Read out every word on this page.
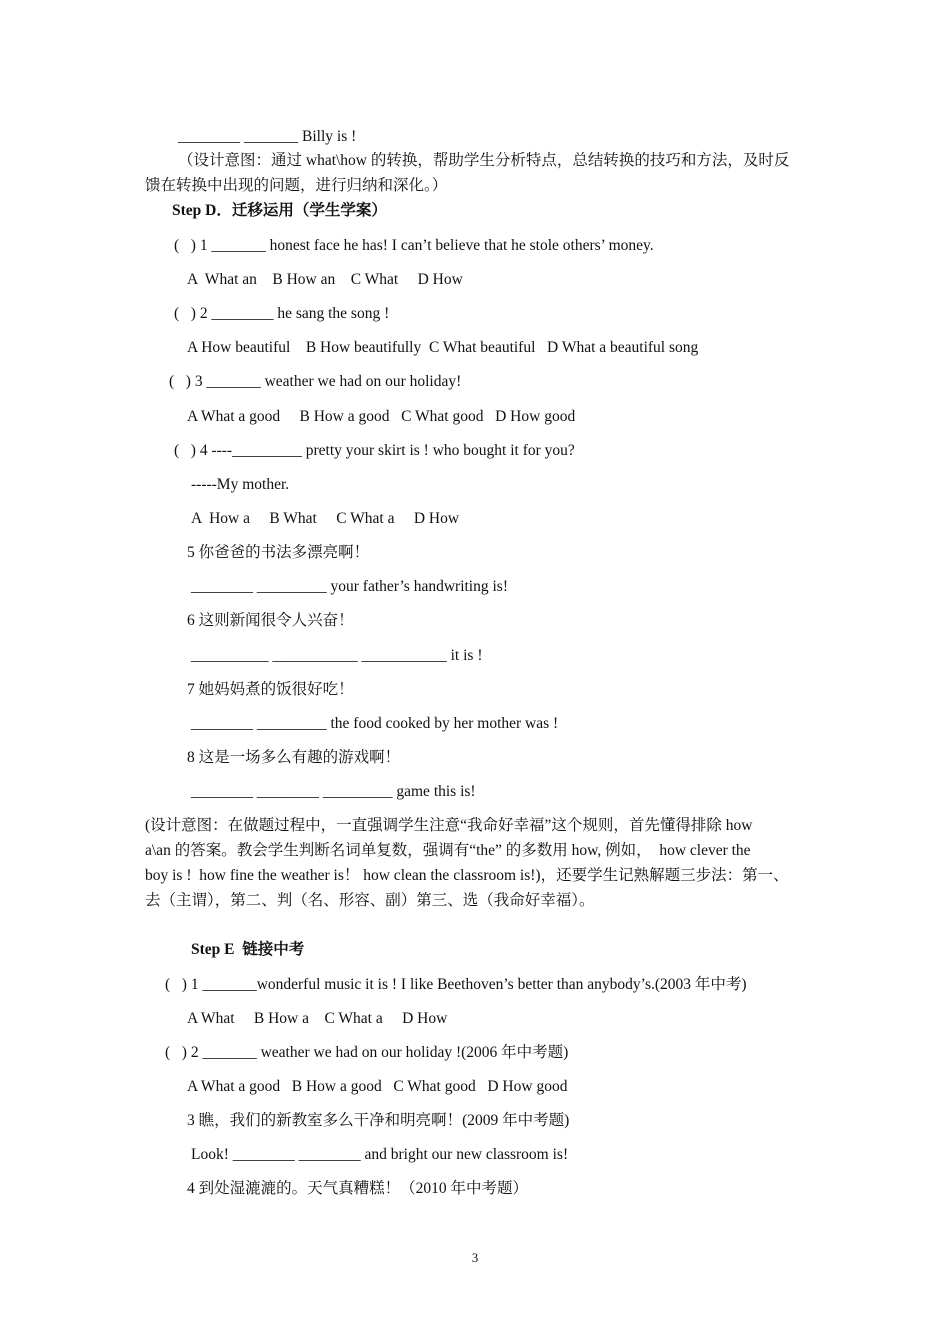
________ _______ Billy is !
（设计意图：通过 what\how 的转换，帮助学生分析特点，总结转换的技巧和方法，及时反
馈在转换中出现的问题，进行归纳和深化。）
Step D．迁移运用（学生学案）
(   ) 1 _______ honest face he has! I can’t believe that he stole others’ money.
A  What an    B How an    C What     D How
(   ) 2 ________ he sang the song !
A How beautiful    B How beautifully  C What beautiful   D What a beautiful song
(   ) 3 _______ weather we had on our holiday!
A What a good     B How a good   C What good   D How good
(   ) 4 ----_________ pretty your skirt is ! who bought it for you?
-----My mother.
A  How a     B What     C What a     D How
5 你爸爸的书法多漂亮啊！
________ _________ your father’s handwriting is!
6 这则新闻很令人兴奋！
__________ ___________ ___________ it is !
7 她妈妈煮的饭很好吃！
________ _________ the food cooked by her mother was !
8 这是一场多么有趣的游戏啊！
________ ________ _________ game this is!
(设计意图：在做题过程中，一直强调学生注意“我命好幸福”这个规则，首先懂得排除 how
a\an 的答案。教会学生判断名词单复数，强调有“the” 的多数用 how, 例如，  how clever the
boy is !  how fine the weather is！ how clean the classroom is!)，还要学生记熟解题三步法：第一、
去（主谓），第二、判（名、形容、副）第三、选（我命好幸福）。
Step E  链接中考
(   ) 1 _______wonderful music it is ! I like Beethoven’s better than anybody’s.(2003 年中考)
A What     B How a    C What a     D How
(   ) 2 _______ weather we had on our holiday !(2006 年中考题)
A What a good   B How a good   C What good   D How good
3 瞧，我们的新教室多么干净和明亮啊！(2009 年中考题)
Look! ________ ________ and bright our new classroom is!
4 到处湿漉漉的。天气真糟糕！（2010 年中考题）
3
